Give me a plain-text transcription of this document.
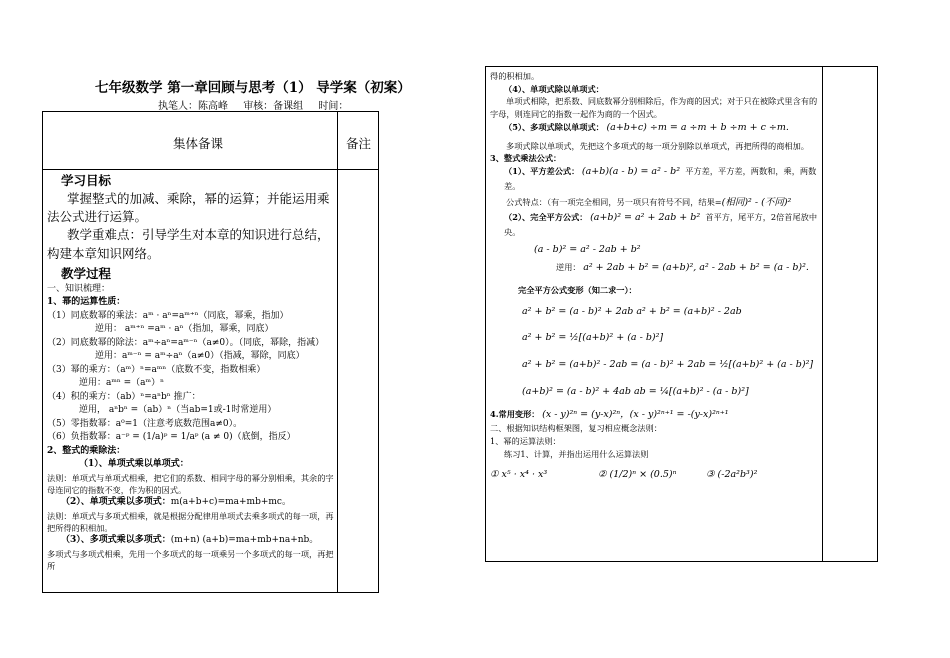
七年级数学 第一章回顾与思考（1） 导学案（初案）
执笔人：陈高峰 审核：备课组 时间：
集体备课	备注

学习目标

掌握整式的加减、乘除，幂的运算；并能运用乘法公式进行运算。

教学重难点：引导学生对本章的知识进行总结，构建本章知识网络。

教学过程

一、知识梳理：

1、幂的运算性质：

（1）同底数幂的乘法：aᵐ · aⁿ=aᵐ⁺ⁿ（同底，幂乘，指加）

逆用： aᵐ⁺ⁿ =aᵐ · aⁿ（指加，幂乘，同底）

（2）同底数幂的除法：aᵐ÷aⁿ=aᵐ⁻ⁿ（a≠0）。（同底，幂除，指减）

逆用：aᵐ⁻ⁿ = aᵐ÷aⁿ（a≠0）（指减，幂除，同底）

（3）幂的乘方：（aᵐ）ⁿ=aᵐⁿ（底数不变，指数相乘）

逆用：aᵐⁿ =（aᵐ）ⁿ

（4）积的乘方：（ab）ⁿ=aⁿbⁿ 推广：

逆用， aⁿbⁿ =（ab）ⁿ（当ab=1或-1时常逆用）

（5）零指数幂：a⁰=1（注意考底数范围a≠0）。

（6）负指数幂：a⁻ᵖ = (1/a)ᵖ = 1/aᵖ (a ≠ 0)（底倒，指反）

2、整式的乘除法：

（1）、单项式乘以单项式：

法则：单项式与单项式相乘，把它们的系数、相同字母的幂分别相乘，其余的字母连同它的指数不变，作为积的因式。

（2）、单项式乘以多项式：m(a+b+c)=ma+mb+mc。

法则：单项式与多项式相乘，就是根据分配律用单项式去乘多项式的每一项，再把所得的积相加。

（3）、多项式乘以多项式：(m+n) (a+b)=ma+mb+na+nb。

多项式与多项式相乘，先用一个多项式的每一项乘另一个多项式的每一项，再把所

得的积相加。

（4）、单项式除以单项式：

单项式相除，把系数、同底数幂分别相除后，作为商的因式；对于只在被除式里含有的字母，则连同它的指数一起作为商的一个因式。

（5）、多项式除以单项式： (a+b+c) ÷m = a ÷m + b ÷m + c ÷m.

多项式除以单项式，先把这个多项式的每一项分别除以单项式，再把所得的商相加。

3、整式乘法公式：

（1）、平方差公式： (a+b)(a - b) = a² - b² 平方差，平方差，两数和，乘，两数差。

公式特点：（有一项完全相同，另一项只有符号不同，结果=(相同)² - (不同)²

（2）、完全平方公式： (a+b)² = a² + 2ab + b² 首平方，尾平方，2倍首尾放中央。

(a - b)² = a² - 2ab + b²

逆用： a² + 2ab + b² = (a+b)², a² - 2ab + b² = (a - b)².

完全平方公式变形（知二求一）：

a² + b² = (a - b)² + 2ab a² + b² = (a+b)² - 2ab

a² + b² = ½[(a+b)² + (a - b)²]

a² + b² = (a+b)² - 2ab = (a - b)² + 2ab = ½[(a+b)² + (a - b)²]

(a+b)² = (a - b)² + 4ab ab = ¼[(a+b)² - (a - b)²]

4.常用变形： (x - y)²ⁿ = (y-x)²ⁿ，(x - y)²ⁿ⁺¹ = -(y-x)²ⁿ⁺¹

二、根据知识结构框架图，复习相应概念法则：

1、幂的运算法则：

练习1、计算，并指出运用什么运算法则

① x⁵ · x⁴ · x³	② (1/2)ⁿ × (0.5)ⁿ	③ (-2a²b³)²
